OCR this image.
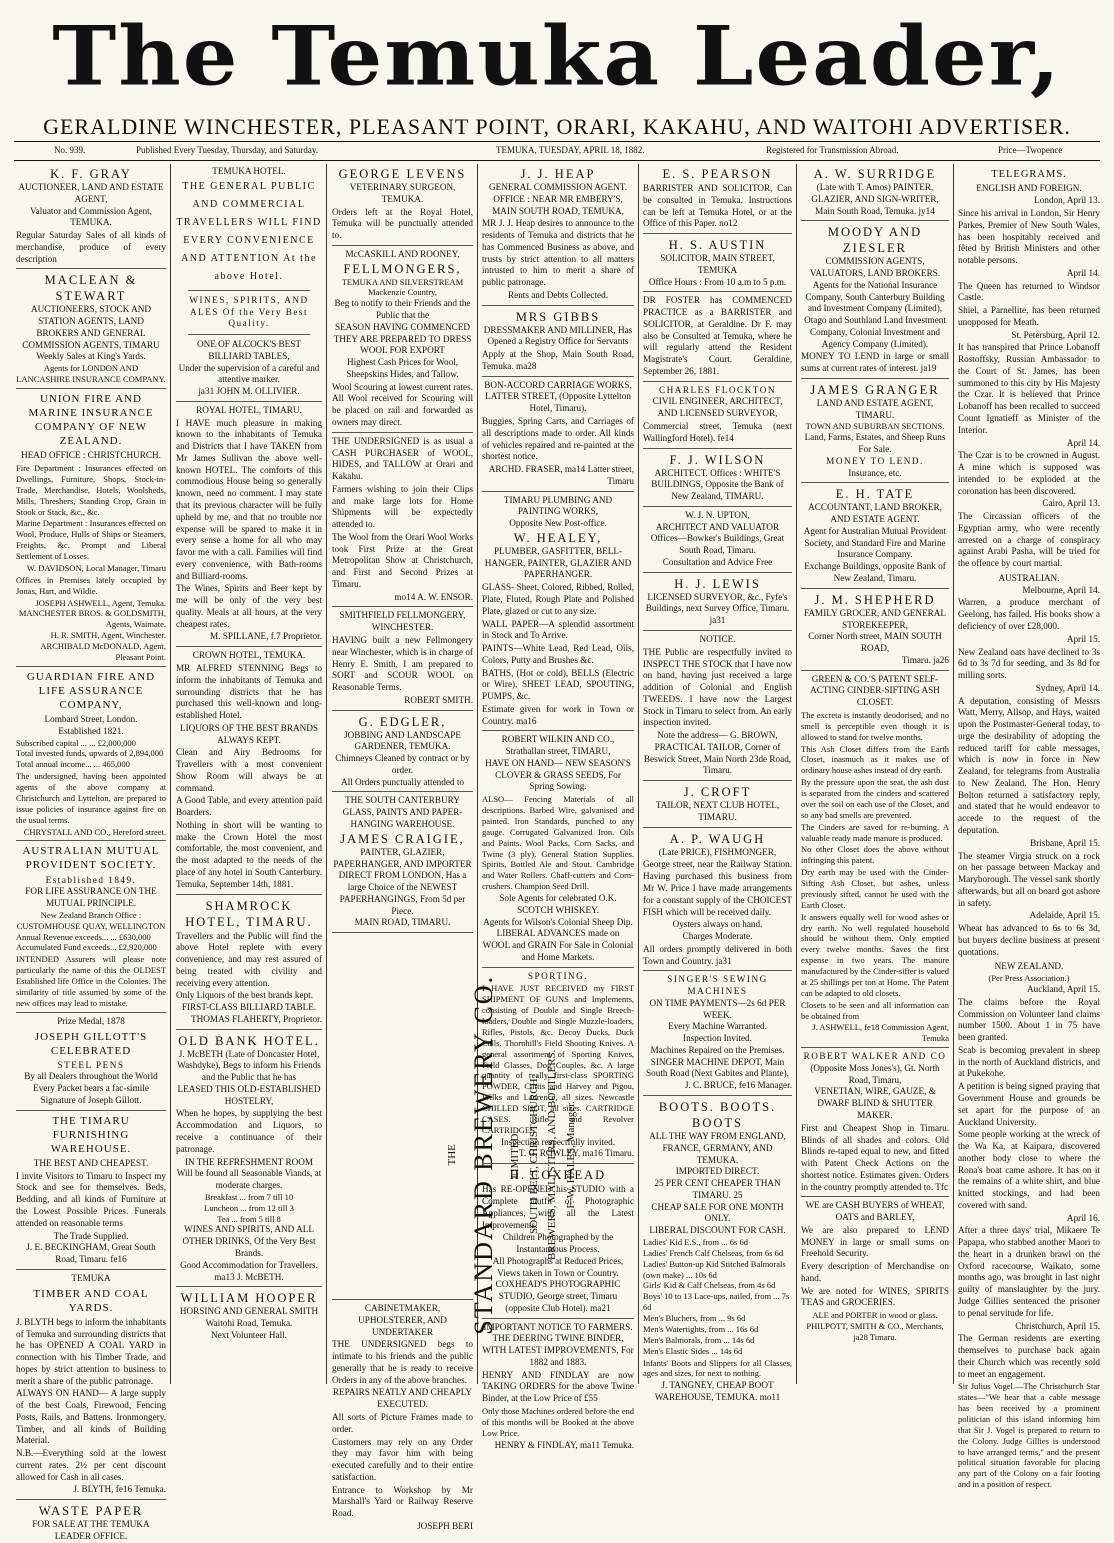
The Temuka Leader,
GERALDINE WINCHESTER, PLEASANT POINT, ORARI, KAKAHU, AND WAITOHI ADVERTISER.
No. 939.	Published Every Tuesday, Thursday, and Saturday.	TEMUKA, TUESDAY, APRIL 18, 1882.	Registered for Transmission Abroad.	Price—Twopence
K. F. GRAY
AUCTIONEER, LAND AND ESTATE AGENT,
Valuator and Commission Agent, TEMUKA.

Regular Saturday Sales of all kinds of merchandise, produce of every description

MACLEAN & STEWART
AUCTIONEERS, STOCK AND STATION AGENTS, LAND BROKERS AND GENERAL COMMISSION AGENTS, TIMARU
Weekly Sales at King's Yards.
Agents for LONDON AND LANCASHIRE INSURANCE COMPANY.
UNION FIRE AND MARINE INSURANCE COMPANY OF NEW ZEALAND.
HEAD OFFICE : CHRISTCHURCH.

Fire Department : Insurances effected on Dwellings, Furniture, Shops, Stock-in-Trade, Merchandise, Hotels, Woolsheds, Mills, Threshers, Standing Crop, Grain in Stook or Stack, &c., &c.

Marine Department : Insurances effected on Wool, Produce, Hulls of Ships or Steamers, Freights, &c. Prompt and Liberal Settlement of Losses.

W. DAVIDSON, Local Manager, Timaru

Offices in Premises lately occupied by Jonas, Hart, and Wildie.

JOSEPH ASHWELL, Agent, Temuka.
MANCHESTER BROS. & GOLDSMITH, Agents, Waimate.
H. R. SMITH, Agent, Winchester.
ARCHIBALD McDONALD, Agent, Pleasant Point.
GUARDIAN FIRE AND LIFE ASSURANCE COMPANY,
Lombard Street, London.
Established 1821.
Subscribed capital ... ... £2,000,000
Total invested funds, upwards of 2,894,000
Total annual income... ... 465,000

The undersigned, having been appointed agents of the above company at Christchurch and Lyttelton, are prepared to issue policies of insurance against fire on the usual terms.

CHRYSTALL AND CO., Hereford street.
AUSTRALIAN MUTUAL PROVIDENT SOCIETY.
Established 1849.
FOR LIFE ASSURANCE ON THE MUTUAL PRINCIPLE.
New Zealand Branch Office : CUSTOMHOUSE QUAY, WELLINGTON
Annual Revenue exceeds... ... £630,000
Accumulated Fund exceeds... £2,920,000

INTENDED Assurers will please note particularly the name of this the OLDEST Established life Office in the Colonies. The similarity of title assumed by some of the new offices may lead to mistake.

Prize Medal, 1878
JOSEPH GILLOTT'S CELEBRATED
STEEL PENS
By all Dealers throughout the World
Every Packet bears a fac-simile Signature of Joseph Gillott.
THE TIMARU FURNISHING WAREHOUSE.
THE BEST AND CHEAPEST.

I invite Visitors to Timaru to Inspect my Stock and see for themselves. Beds, Bedding, and all kinds of Furniture at the Lowest Possible Prices. Funerals attended on reasonable terms

The Trade Supplied.
J. E. BECKINGHAM, Great South Road, Timaru. fe16
TEMUKA
TIMBER AND COAL YARDS.

J. BLYTH begs to inform the inhabitants of Temuka and surrounding districts that he has OPENED A COAL YARD in connection with his Timber Trade, and hopes by strict attention to business to merit a share of the public patronage.

ALWAYS ON HAND— A large supply of the best Coals, Firewood, Fencing Posts, Rails, and Battens. Ironmongery, Timber, and all kinds of Building Material.

N.B.—Everything sold at the lowest current rates. 2½ per cent discount allowed for Cash in all cases.

J. BLYTH, fe16 Temuka.
WASTE PAPER
FOR SALE AT THE TEMUKA LEADER OFFICE.
TEMUKA HOTEL.
THE GENERAL PUBLIC AND COMMERCIAL TRAVELLERS WILL FIND EVERY CONVENIENCE AND ATTENTION At the above Hotel.
WINES, SPIRITS, AND ALES Of the Very Best Quality.
ONE OF ALCOCK'S BEST BILLIARD TABLES,
Under the supervision of a careful and attentive marker.
ja31 JOHN M. OLLIVIER.
ROYAL HOTEL, TIMARU.

I HAVE much pleasure in making known to the inhabitants of Temuka and Districts that I have TAKEN from Mr James Sullivan the above well-known HOTEL. The comforts of this commodious House being so generally known, need no comment. I may state that its previous character will be fully upheld by me, and that no trouble nor expense will be spared to make it in every sense a home for all who may favor me with a call. Families will find every convenience, with Bath-rooms and Billiard-rooms.

The Wines, Spirits and Beer kept by me will be only of the very best quality. Meals at all hours, at the very cheapest rates.

M. SPILLANE, f.7 Proprietor.
CROWN HOTEL, TEMUKA.

MR ALFRED STENNING Begs to inform the inhabitants of Temuka and surrounding districts that he has purchased this well-known and long-established Hotel.

LIQUORS OF THE BEST BRANDS ALWAYS KEPT.

Clean and Airy Bedrooms for Travellers with a most convenient Show Room will always be at command.

A Good Table, and every attention paid Boarders.

Nothing in short will be wanting to make the Crown Hotel the most comfortable, the most convenient, and the most adapted to the needs of the place of any hotel in South Canterbury. Temuka, September 14th, 1881.

SHAMROCK HOTEL, TIMARU.

Travellers and the Public will find the above Hotel replete with every convenience, and may rest assured of being treated with civility and receiving every attention.

Only Liquors of the best brands kept.
FIRST-CLASS BILLIARD TABLE.
THOMAS FLAHERTY, Proprietor.
OLD BANK HOTEL.
J. McBETH (Late of Doncaster Hotel, Washdyke), Begs to inform his Friends and the Public that he has
LEASED THIS OLD-ESTABLISHED HOSTELRY,

When he hopes, by supplying the best Accommodation and Liquors, to receive a continuance of their patronage.

IN THE REFRESHMENT ROOM Will be found all Seasonable Viands, at moderate charges.
Breakfast ... from 7 till 10
Luncheon ... from 12 till 3
Tea ... from 5 till 8
WINES AND SPIRITS, AND ALL OTHER DRINKS, Of the Very Best Brands.
Good Accommodation for Travellers. ma13 J. McBETH.
WILLIAM HOOPER
HORSING AND GENERAL SMITH
Waitohi Road, Temuka.
Next Volunteer Hall.
GEORGE LEVENS
VETERINARY SURGEON, TEMUKA.

Orders left at the Royal Hotel, Temuka will be punctually attended to.

McCASKILL AND ROONEY,
FELLMONGERS,
TEMUKA AND SILVERSTREAM Mackenzie Country,
Beg to notify to their Friends and the Public that the
SEASON HAVING COMMENCED THEY ARE PREPARED TO DRESS WOOL FOR EXPORT
Highest Cash Prices for Wool, Sheepskins Hides, and Tallow.

Wool Scouring at lowest current rates. All Wool received for Scouring will be placed on rail and forwarded as owners may direct.

THE UNDERSIGNED is as usual a CASH PURCHASER of WOOL, HIDES, and TALLOW at Orari and Kakahu.

Farmers wishing to join their Clips and make large lots for Home Shipments will be expectedly attended to.

The Wool from the Orari Wool Works took First Prize at the Great Metropolitan Show at Christchurch, and First and Second Prizes at Timaru.

mo14 A. W. ENSOR.
SMITHFIELD FELLMONGERY, WINCHESTER.

HAVING built a new Fellmongery near Winchester, which is in charge of Henry E. Smith, I am prepared to SORT and SCOUR WOOL on Reasonable Terms.

ROBERT SMITH.
G. EDGLER,
JOBBING AND LANDSCAPE GARDENER, TEMUKA.
Chimneys Cleaned by contract or by order.
All Orders punctually attended to
THE SOUTH CANTERBURY
GLASS, PAINTS AND PAPER-HANGING WAREHOUSE.
JAMES CRAIGIE,
PAINTER, GLAZIER, PAPERHANGER, AND IMPORTER DIRECT FROM LONDON, Has a large Choice of the NEWEST PAPERHANGINGS, From 5d per Piece.
MAIN ROAD, TIMARU.
THE STANDARD BREWERY CO.	LIMITED. SOUTH BELT, CHRISTCHURCH, BREWERS, MALTSTERS, AND BOTTLERS. F. W. HALES, Manager.
CABINETMAKER, UPHOLSTERER, AND UNDERTAKER

THE UNDERSIGNED begs to intimate to his friends and the public generally that he is ready to receive Orders in any of the above branches.

REPAIRS NEATLY AND CHEAPLY EXECUTED.

All sorts of Picture Frames made to order.

Customers may rely on any Order they may favor him with being executed carefully and to their entire satisfaction.

Entrance to Workshop by Mr Marshall's Yard or Railway Reserve Road.

JOSEPH BERI
J. J. HEAP
GENERAL COMMISSION AGENT.
OFFICE : NEAR MR EMBERY'S, MAIN SOUTH ROAD, TEMUKA,

MR J. J. Heap desires to announce to the residents of Temuka and districts that he has Commenced Business as above, and trusts by strict attention to all matters intrusted to him to merit a share of public patronage.

Rents and Debts Collected.
MRS GIBBS
DRESSMAKER AND MILLINER, Has Opened a Registry Office for Servants

Apply at the Shop, Main South Road, Temuka. ma28

BON-ACCORD CARRIAGE WORKS,
LATTER STREET, (Opposite Lyttelton Hotel, Timaru).

Buggies, Spring Carts, and Carriages of all descriptions made to order. All kinds of vehicles repaired and re-painted at the shortest notice.

ARCHD. FRASER, ma14 Latter street, Timaru
TIMARU PLUMBING AND PAINTING WORKS,
Opposite New Post-office.
W. HEALEY,
PLUMBER, GASFITTER, BELL-HANGER, PAINTER, GLAZIER AND PAPERHANGER.

GLASS- Sheet, Colored, Ribbed, Rolled, Plate, Fluted, Rough Plate and Polished Plate, glazed or cut to any size.

WALL PAPER—A splendid assortment in Stock and To Arrive.

PAINTS—White Lead, Red Lead, Oils, Colors, Putty and Brushes &c.

BATHS, (Hot or cold), BELLS (Electric or Wire), SHEET LEAD, SPOUTING, PUMPS, &c.

Estimate given for work in Town or Country. ma16

ROBERT WILKIN AND CO., Strathallan street, TIMARU,
HAVE ON HAND— NEW SEASON'S CLOVER & GRASS SEEDS, For Spring Sowing.

ALSO— Fencing Materials of all descriptions. Barbed Wire, galvanised and painted. Iron Standards, punched to any gauge. Corrugated Galvanized Iron. Oils and Paints. Wool Packs, Corn Sacks, and Twine (3 ply). General Station Supplies. Spirits, Bottled Ale and Stout. Cambridge and Water Rollers. Chaff-cutters and Corn-crushers. Champion Seed Drill.

Sole Agents for celebrated O.K. SCOTCH WHISKEY.
Agents for Wilson's Colonial Sheep Dip.
LIBERAL ADVANCES made on WOOL and GRAIN For Sale in Colonial and Home Markets.
SPORTING.

I HAVE JUST RECEIVED my FIRST SHIPMENT OF GUNS and Implements, consisting of Double and Single Breech-loaders, Double and Single Muzzle-loaders, Rifles, Pistols, &c. Decoy Ducks, Duck Calls. Thornhill's Field Shooting Knives. A general assortment of Sporting Knives, Field Glasses, Dog Couples, &c. A large quantity of really first-class SPORTING POWDER, Curtis and Harvey and Pigou, Wilks and Laurence, all sizes. Newcastle CHILLED SHOT, all sizes. CARTRIDGE CASES. Rifle and Revolver CARTRIDGES.

Inspection respectfully invited.
T. G. ROWLEY, ma16 Timaru.
H. COXHEAD

Has RE-OPENED his STUDIO with a Complete Outfit of Photographic Appliances, with all the Latest Improvements.

Children Photographed by the Instantaneous Process.
All Photographs at Reduced Prices,
Views taken in Town or Country.
COXHEAD'S PHOTOGRAPHIC STUDIO, George street, Timaru (opposite Club Hotel). ma21
IMPORTANT NOTICE TO FARMERS.
THE DEERING TWINE BINDER, WITH LATEST IMPROVEMENTS, For 1882 and 1883.

HENRY AND FINDLAY are now TAKING ORDERS for the above Twine Binder, at the Low Price of £55

Only those Machines ordered before the end of this months will be Booked at the above Low Price.

HENRY & FINDLAY, ma11 Temuka.
E. S. PEARSON

BARRISTER AND SOLICITOR, Can be consulted in Temuka. Instructions can be left at Temuka Hotel, or at the Office of this Paper. no12

H. S. AUSTIN
SOLICITOR, MAIN STREET, TEMUKA
Office Hours : From 10 a.m to 5 p.m.

DR FOSTER has COMMENCED PRACTICE as a BARRISTER and SOLICITOR, at Geraldine. Dr F. may also be Consulted at Temuka, where he will regularly attend the Resident Magistrate's Court. Geraldine, September 26, 1881.

CHARLES FLOCKTON
CIVIL ENGINEER, ARCHITECT, AND LICENSED SURVEYOR,

Commercial street, Temuka (next Wallingford Hotel). fe14

F. J. WILSON
ARCHITECT. Offices : WHITE'S BUILDINGS, Opposite the Bank of New Zealand, TIMARU.
W. J. N. UPTON,
ARCHITECT AND VALUATOR
Offices—Bowker's Buildings, Great South Road, Timaru.
Consultation and Advice Free
H. J. LEWIS
LICENSED SURVEYOR, &c., Fyfe's Buildings, next Survey Office, Timaru. ja31
NOTICE.

THE Public are respectfully invited to INSPECT THE STOCK that I have now on hand, having just received a large addition of Colonial and English TWEEDS. I have now the Largest Stock in Timaru to select from. An early inspection invited.

Note the address— G. BROWN, PRACTICAL TAILOR, Corner of Beswick Street, Main North 23de Road, Timaru.
J. CROFT
TAILOR, NEXT CLUB HOTEL, TIMARU.
A. P. WAUGH
(Late PRICE), FISHMONGER,

George street, near the Railway Station. Having purchased this business from Mr W. Price I have made arrangements for a constant supply of the CHOICEST FISH which will be received daily.

Oysters always on hand.
Charges Moderate.

All orders promptly delivered in both Town and Country. ja31

SINGER'S SEWING MACHINES
ON TIME PAYMENTS—2s 6d PER WEEK.
Every Machine Warranted.
Inspection Invited.
Machines Repaired on the Premises.
SINGER MACHINE DEPOT, Main South Road (Next Gabites and Plante),
J. C. BRUCE, fe16 Manager.
BOOTS. BOOTS. BOOTS
ALL THE WAY FROM ENGLAND, FRANCE, GERMANY, AND TEMUKA.
IMPORTED DIRECT.
25 PER CENT CHEAPER THAN TIMARU. 25
CHEAP SALE FOR ONE MONTH ONLY.
LIBERAL DISCOUNT FOR CASH.
Ladies' Kid E.S., from ... 6s 6d
Ladies' French Calf Chelseas, from 6s 6d
Ladies' Button-up Kid Stitched Balmorals (own make) ... 10s 6d
Girls' Kid & Calf Chelseas, from 4s 6d
Boys' 10 to 13 Lace-ups, nailed, from ... 7s 6d
Men's Bluchers, from ... 9s 6d
Men's Watertights, from ... 16s 6d
Men's Balmorals, from ... 14s 6d
Men's Elastic Sides ... 14s 6d

Infants' Boots and Slippers for all Classes, ages and sizes, for next to nothing.

J. TANGNEY, CHEAP BOOT WAREHOUSE, TEMUKA. mo11
A. W. SURRIDGE
(Late with T. Amos) PAINTER, GLAZIER, AND SIGN-WRITER, Main South Road, Temuka. jy14
MOODY AND ZIESLER
COMMISSION AGENTS, VALUATORS, LAND BROKERS.
Agents for the National Insurance Company, South Canterbury Building and Investment Company (Limited), Otago and Southland Land Investment Company, Colonial Investment and Agency Company (Limited).

MONEY TO LEND in large or small sums at current rates of interest. ja19

JAMES GRANGER
LAND AND ESTATE AGENT, TIMARU.
TOWN AND SUBURBAN SECTIONS.
Land, Farms, Estates, and Sheep Runs For Sale.
MONEY TO LEND.
Insurance, etc.
E. H. TATE
ACCOUNTANT, LAND BROKER, AND ESTATE AGENT.
Agent for Australian Mutual Provident Society, and Standard Fire and Marine Insurance Company.
Exchange Buildings, opposite Bank of New Zealand, Timaru.
J. M. SHEPHERD
FAMILY GROCER, AND GENERAL STOREKEEPER,
Corner North street, MAIN SOUTH ROAD,
Timaru. ja26
GREEN & CO.'S PATENT SELF-ACTING CINDER-SIFTING ASH CLOSET.

The excreta is instantly deodorised, and no smell is perceptible even though it is allowed to stand for twelve months.

This Ash Closet differs from the Earth Closet, inasmuch as it makes use of ordinary house ashes instead of dry earth.

By the pressure upon the seat, the ash dust is separated from the cinders and scattered over the soil on each use of the Closet, and so any bad smells are prevented.

The Cinders are saved for re-burning. A valuable ready made manure is produced.

No other Closet does the above without infringing this patent.

Dry earth may be used with the Cinder-Sifting Ash Closet, but ashes, unless previously sifted, cannot be used with the Earth Closet.

It answers equally well for wood ashes or dry earth. No well regulated household should be without them. Only emptied every twelve months. Saves the first expense in two years. The manure manufactured by the Cinder-sifter is valued at 25 shillings per ton at Home. The Patent can be adapted to old closets.

Closets to be seen and all information can be obtained from

J. ASHWELL, fe18 Commission Agent, Temuka
ROBERT WALKER AND CO
(Opposite Moss Jones's), Gt. North Road, Timaru,
VENETIAN, WIRE, GAUZE, & DWARF BLIND & SHUTTER MAKER.

First and Cheapest Shop in Timaru. Blinds of all shades and colors. Old Blinds re-taped equal to new, and fitted with Patent Check Actions on the shortest notice. Estimates given. Orders in the country promptly attended to. Tfc

WE are CASH BUYERS of WHEAT, OATS and BARLEY,

We are also prepared to LEND MONEY in large or small sums on Freehold Security.

Every description of Merchandise on hand.

We are noted for WINES, SPIRITS TEAS and GROCERIES.

ALE and PORTER in wood or glass. PHILPOTT, SMITH & CO., Merchants, ja28 Timaru.
TELEGRAMS.
ENGLISH AND FOREIGN.
London, April 13.

Since his arrival in London, Sir Henry Parkes, Premier of New South Wales, has been hospitably received and fêted by British Ministers and other notable persons.

April 14.

The Queen has returned to Windsor Castle.

Shiel, a Parnellite, has been returned unopposed for Meath.

St. Petersburg, April 12.

It has transpired that Prince Lobanoff Rostoffsky, Russian Ambassador to the Court of St. James, has been summoned to this city by His Majesty the Czar. It is believed that Prince Lobanoff has been recalled to succeed Count Ignatieff as Minister of the Interior.

April 14.

The Czar is to be crowned in August. A mine which is supposed was intended to be exploded at the coronation has been discovered.

Cairo, April 13.

The Circassian officers of the Egyptian army, who were recently arrested on a charge of conspiracy against Arabi Pasha, will be tried for the offence by court martial.

AUSTRALIAN.
Melbourne, April 14.

Warren, a produce merchant of Geelong, has failed. His books show a deficiency of over £28,000.

April 15.

New Zealand oats have declined to 3s 6d to 3s 7d for seeding, and 3s 8d for milling sorts.

Sydney, April 14.

A deputation, consisting of Messrs Watt, Merry, Allsop, and Hays, waited upon the Postmaster-General today, to urge the desirability of adopting the reduced tariff for cable messages, which is now in force in New Zealand, for telegrams from Australia to New Zealand. The Hon. Henry Bolton returned a satisfactory reply, and stated that he would endeavor to accede to the request of the deputation.

Brisbane, April 15.

The steamer Virgia struck on a rock on her passage between Mackay and Maryborough. The vessel sank shortly afterwards, but all on board got ashore in safety.

Adelaide, April 15.

Wheat has advanced to 6s to 6s 3d, but buyers decline business at present quotations.

NEW ZEALAND.
(Per Press Association.)
Auckland, April 15.

The claims before the Royal Commission on Volunteer land claims number 1500. About 1 in 75 have been granted.

Scab is becoming prevalent in sheep in the north of Auckland districts, and at Pukekohe.

A petition is being signed praying that Government House and grounds be set apart for the purpose of an Auckland University.

Some people working at the wreck of the Wa Ka, at Kaipara, discovered another body close to where the Rona's boat came ashore. It has on it the remains of a white shirt, and blue knitted stockings, and had been covered with sand.

April 16.

After a three days' trial, Mikaere Te Papapa, who stabbed another Maori to the heart in a drunken brawl on the Oxford racecourse, Waikato, some months ago, was brought in last night guilty of manslaughter by the jury. Judge Gillies sentenced the prisoner to penal servitude for life.

Christchurch, April 15.

The German residents are exerting themselves to purchase back again their Church which was recently sold to meet an engagement.

Sir Julius Vogel.—The Christchurch Star states—"We hear that a cable message has been received by a prominent politician of this island informing him that Sir J. Vogel is prepared to return to the Colony. Judge Gillies is understood to have arranged terms," and the present political situation favorable for placing any part of the Colony on a fair footing and in a position of respect.
